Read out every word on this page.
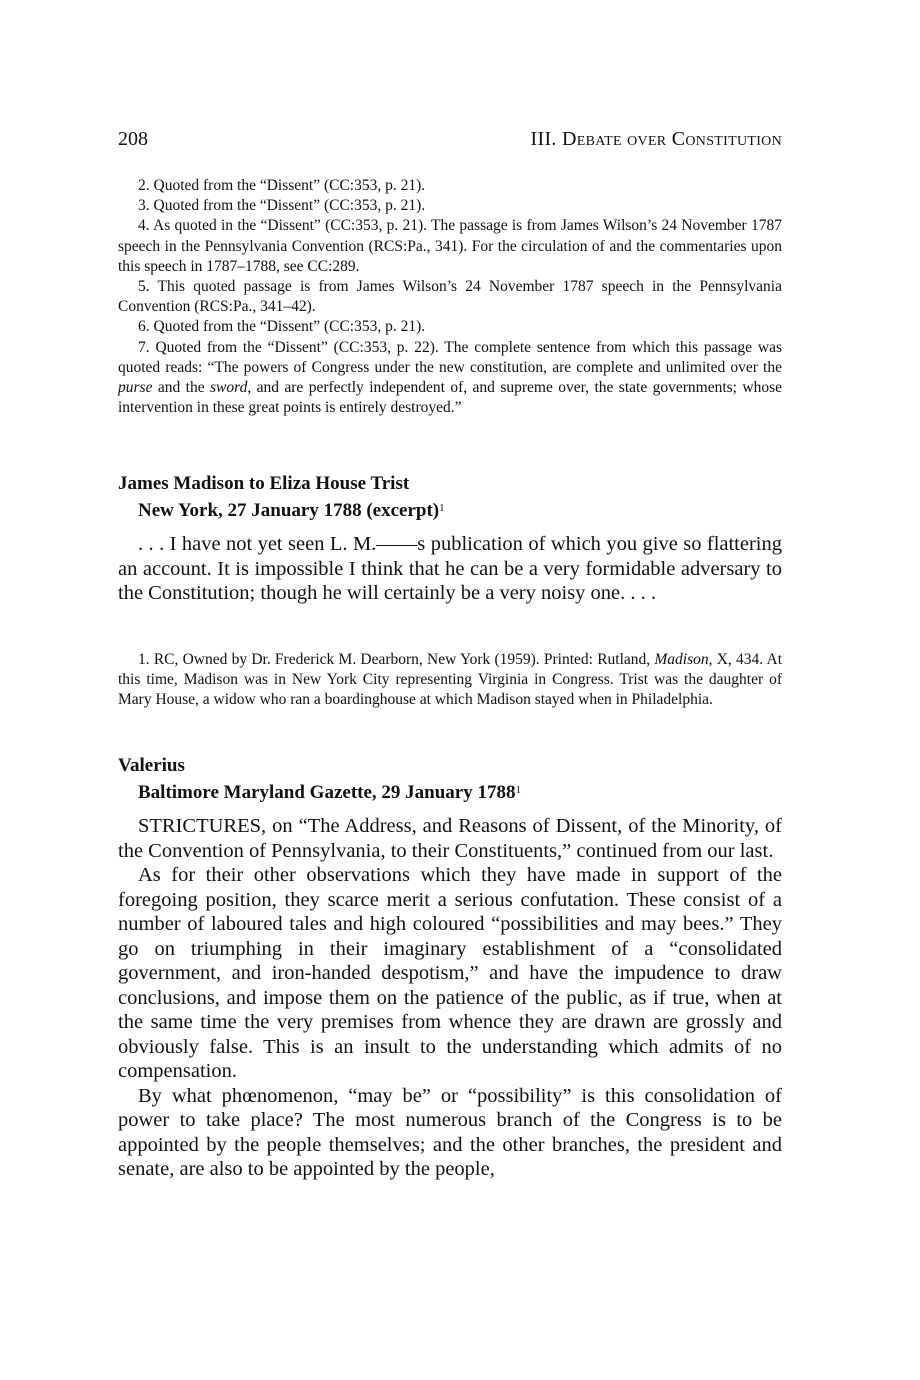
208	III. Debate over Constitution

2. Quoted from the “Dissent” (CC:353, p. 21).

3. Quoted from the “Dissent” (CC:353, p. 21).

4. As quoted in the “Dissent” (CC:353, p. 21). The passage is from James Wilson’s 24 November 1787 speech in the Pennsylvania Convention (RCS:Pa., 341). For the circulation of and the commentaries upon this speech in 1787–1788, see CC:289.

5. This quoted passage is from James Wilson’s 24 November 1787 speech in the Pennsylvania Convention (RCS:Pa., 341–42).

6. Quoted from the “Dissent” (CC:353, p. 21).

7. Quoted from the “Dissent” (CC:353, p. 22). The complete sentence from which this passage was quoted reads: “The powers of Congress under the new constitution, are complete and unlimited over the purse and the sword, and are perfectly independent of, and supreme over, the state governments; whose intervention in these great points is entirely destroyed.”

James Madison to Eliza House Trist
New York, 27 January 1788 (excerpt)$^1$

. . . I have not yet seen L. M.——s publication of which you give so flattering an account. It is impossible I think that he can be a very formidable adversary to the Constitution; though he will certainly be a very noisy one. . . .

1. RC, Owned by Dr. Frederick M. Dearborn, New York (1959). Printed: Rutland, Madison, X, 434. At this time, Madison was in New York City representing Virginia in Congress. Trist was the daughter of Mary House, a widow who ran a boardinghouse at which Madison stayed when in Philadelphia.

Valerius
Baltimore Maryland Gazette, 29 January 1788$^1$

STRICTURES, on “The Address, and Reasons of Dissent, of the Minority, of the Convention of Pennsylvania, to their Constituents,” continued from our last.

As for their other observations which they have made in support of the foregoing position, they scarce merit a serious confutation. These consist of a number of laboured tales and high coloured “possibilities and may bees.” They go on triumphing in their imaginary establishment of a “consolidated government, and iron-handed despotism,” and have the impudence to draw conclusions, and impose them on the patience of the public, as if true, when at the same time the very premises from whence they are drawn are grossly and obviously false. This is an insult to the understanding which admits of no compensation.

By what phœnomenon, “may be” or “possibility” is this consolidation of power to take place? The most numerous branch of the Congress is to be appointed by the people themselves; and the other branches, the president and senate, are also to be appointed by the people,
